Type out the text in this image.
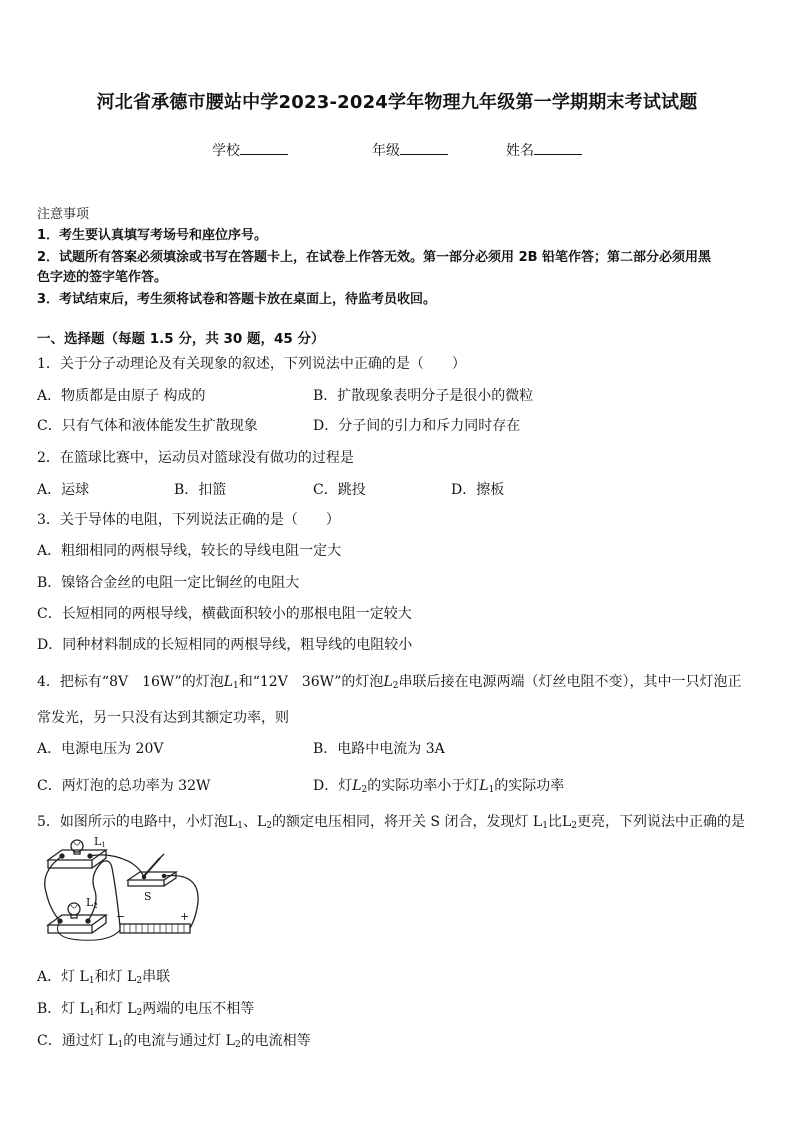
河北省承德市腰站中学2023-2024学年物理九年级第一学期期末考试试题
学校	年级	姓名
注意事项
1．考生要认真填写考场号和座位序号。
2．试题所有答案必须填涂或书写在答题卡上，在试卷上作答无效。第一部分必须用 2B 铅笔作答；第二部分必须用黑
色字迹的签字笔作答。
3．考试结束后，考生须将试卷和答题卡放在桌面上，待监考员收回。
一、选择题（每题 1.5 分，共 30 题，45 分）
1．关于分子动理论及有关现象的叙述，下列说法中正确的是（　　）
A．物质都是由原子 构成的	B．扩散现象表明分子是很小的微粒
C．只有气体和液体能发生扩散现象	D．分子间的引力和斥力同时存在
2．在篮球比赛中，运动员对篮球没有做功的过程是
A．运球	B．扣篮	C．跳投	D．擦板
3．关于导体的电阻，下列说法正确的是（　　）
A．粗细相同的两根导线，较长的导线电阻一定大
B．镍铬合金丝的电阻一定比铜丝的电阻大
C．长短相同的两根导线，横截面积较小的那根电阻一定较大
D．同种材料制成的长短相同的两根导线，粗导线的电阻较小
4．把标有“8V　16W”的灯泡$L_1$和“12V　36W”的灯泡$L_2$串联后接在电源两端（灯丝电阻不变），其中一只灯泡正
常发光，另一只没有达到其额定功率，则
A．电源电压为 20V	B．电路中电流为 3A
C．两灯泡的总功率为 32W	D．灯$L_2$的实际功率小于灯$L_1$的实际功率
5．如图所示的电路中，小灯泡$L_1$、$L_2$的额定电压相同，将开关 S 闭合，发现灯 $L_1$比$L_2$更亮，下列说法中正确的是
L1
L2
S
−	+
A．灯 $L_1$和灯 $L_2$串联
B．灯 $L_1$和灯 $L_2$两端的电压不相等
C．通过灯 $L_1$的电流与通过灯 $L_2$的电流相等
